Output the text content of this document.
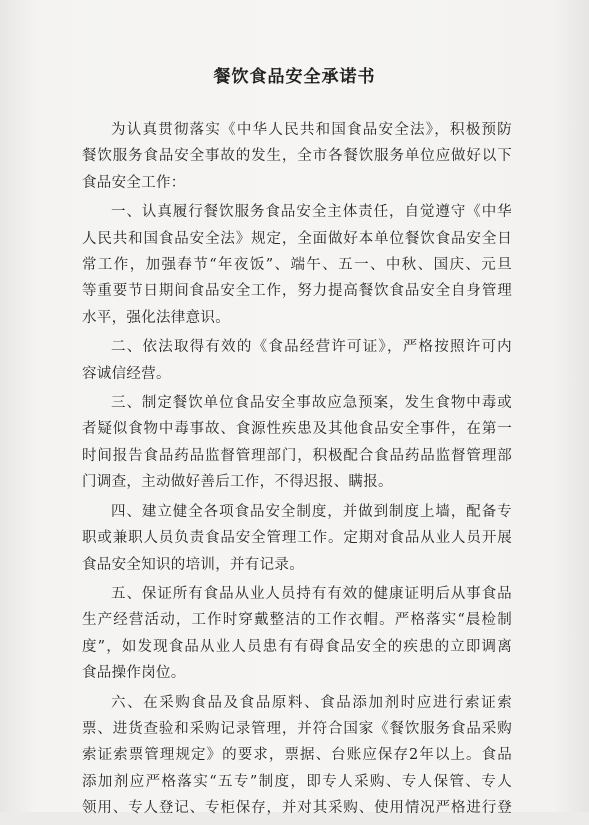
餐饮食品安全承诺书
为认真贯彻落实《中华人民共和国食品安全法》，积极预防
餐饮服务食品安全事故的发生，全市各餐饮服务单位应做好以下
食品安全工作：
一、认真履行餐饮服务食品安全主体责任，自觉遵守《中华
人民共和国食品安全法》规定，全面做好本单位餐饮食品安全日
常工作，加强春节“年夜饭”、端午、五一、中秋、国庆、元旦
等重要节日期间食品安全工作，努力提高餐饮食品安全自身管理
水平，强化法律意识。
二、依法取得有效的《食品经营许可证》，严格按照许可内
容诚信经营。
三、制定餐饮单位食品安全事故应急预案，发生食物中毒或
者疑似食物中毒事故、食源性疾患及其他食品安全事件，在第一
时间报告食品药品监督管理部门，积极配合食品药品监督管理部
门调查，主动做好善后工作，不得迟报、瞒报。
四、建立健全各项食品安全制度，并做到制度上墙，配备专
职或兼职人员负责食品安全管理工作。定期对食品从业人员开展
食品安全知识的培训，并有记录。
五、保证所有食品从业人员持有有效的健康证明后从事食品
生产经营活动，工作时穿戴整洁的工作衣帽。严格落实“晨检制
度”，如发现食品从业人员患有有碍食品安全的疾患的立即调离
食品操作岗位。
六、在采购食品及食品原料、食品添加剂时应进行索证索
票、进货查验和采购记录管理，并符合国家《餐饮服务食品采购
索证索票管理规定》的要求，票据、台账应保存2年以上。食品
添加剂应严格落实“五专”制度，即专人采购、专人保管、专人
领用、专人登记、专柜保存，并对其采购、使用情况严格进行登
